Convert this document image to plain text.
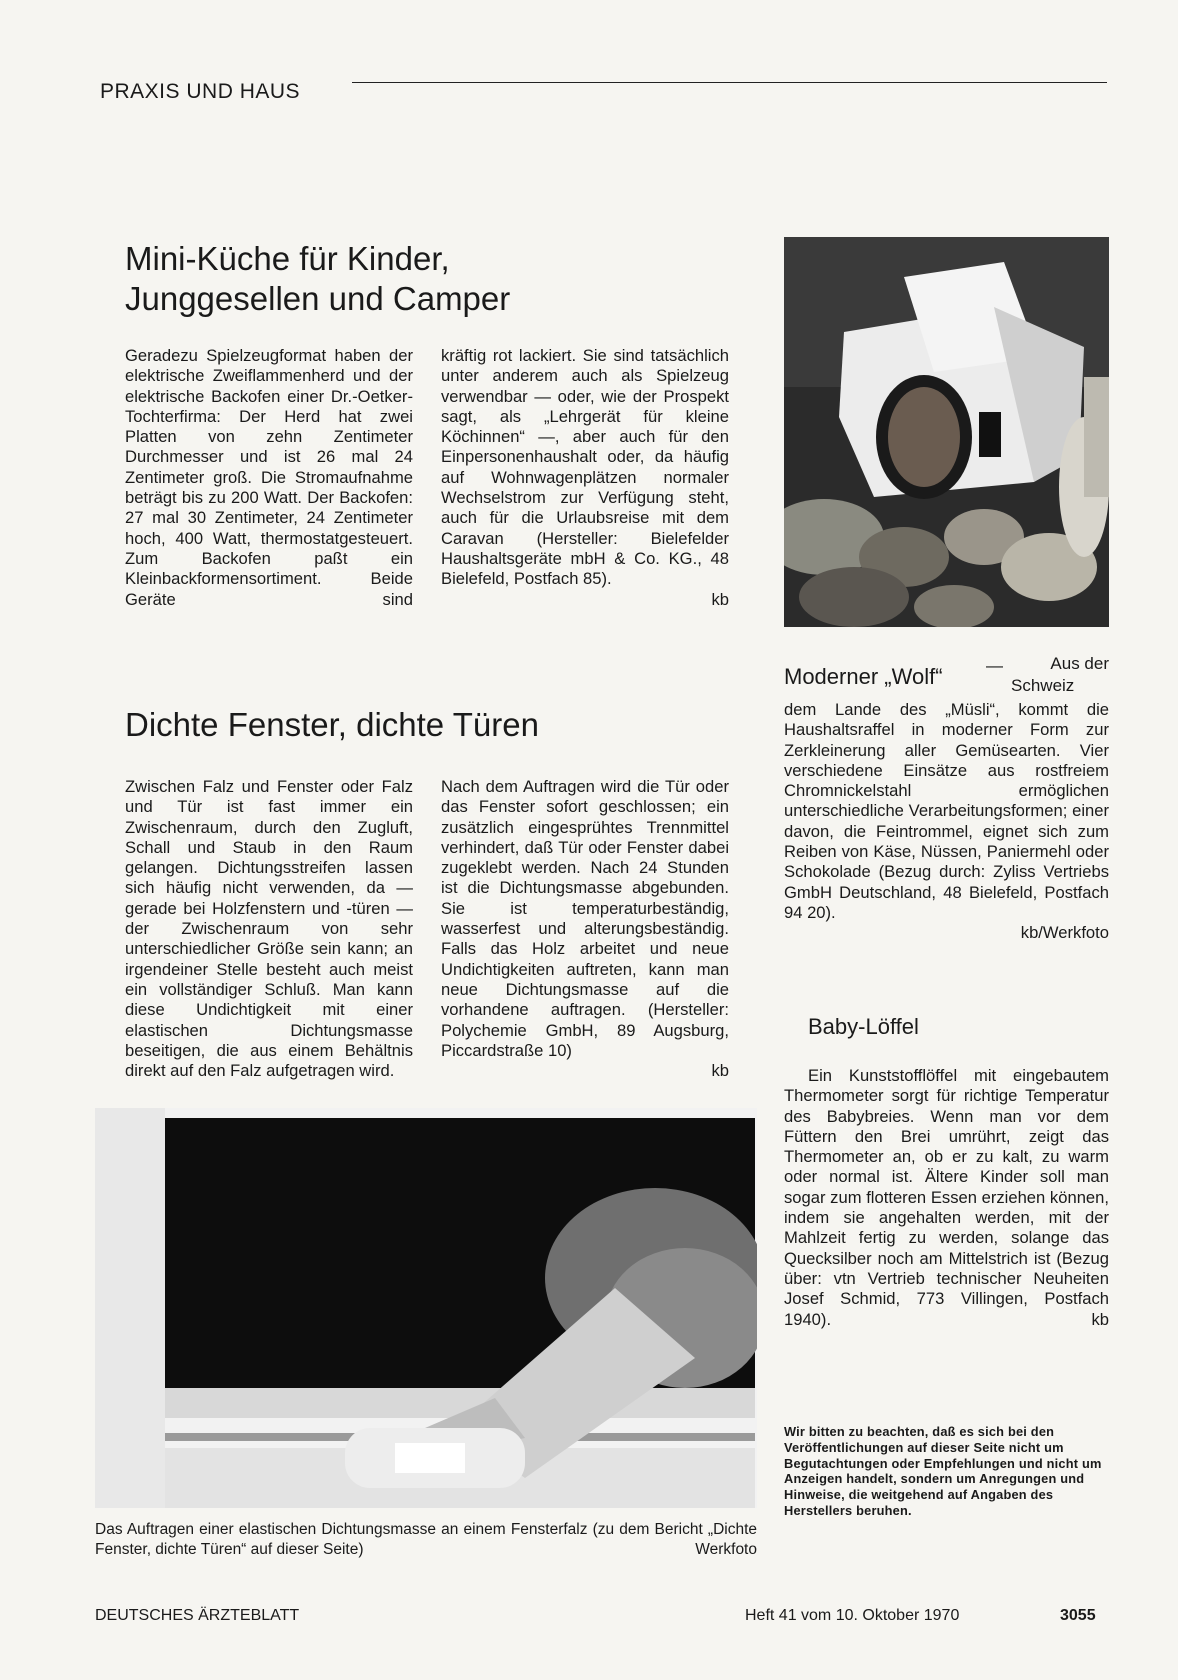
PRAXIS UND HAUS
Mini-Küche für Kinder,
Junggesellen und Camper

Geradezu Spielzeugformat haben der elektrische Zweiflammenherd und der elektrische Backofen einer Dr.-Oetker-Tochterfirma: Der Herd hat zwei Platten von zehn Zentimeter Durchmesser und ist 26 mal 24 Zentimeter groß. Die Stromaufnahme beträgt bis zu 200 Watt. Der Backofen: 27 mal 30 Zentimeter, 24 Zentimeter hoch, 400 Watt, thermostatgesteuert. Zum Backofen paßt ein Kleinbackformensortiment. Beide Geräte sind

kräftig rot lackiert. Sie sind tatsächlich unter anderem auch als Spielzeug verwendbar — oder, wie der Prospekt sagt, als „Lehrgerät für kleine Köchinnen“ —, aber auch für den Einpersonenhaushalt oder, da häufig auf Wohnwagenplätzen normaler Wechselstrom zur Verfügung steht, auch für die Urlaubsreise mit dem Caravan (Hersteller: Bielefelder Haushaltsgeräte mbH & Co. KG., 48 Bielefeld, Postfach 85).

kb
Moderner „Wolf“	—	Aus der
Schweiz

dem Lande des „Müsli“, kommt die Haushaltsraffel in moderner Form zur Zerkleinerung aller Gemüsearten. Vier verschiedene Einsätze aus rostfreiem Chromnickelstahl ermöglichen unterschiedliche Verarbeitungsformen; einer davon, die Feintrommel, eignet sich zum Reiben von Käse, Nüssen, Paniermehl oder Schokolade (Bezug durch: Zyliss Vertriebs GmbH Deutschland, 48 Bielefeld, Postfach 94 20).

kb/Werkfoto
Dichte Fenster, dichte Türen

Zwischen Falz und Fenster oder Falz und Tür ist fast immer ein Zwischenraum, durch den Zugluft, Schall und Staub in den Raum gelangen. Dichtungsstreifen lassen sich häufig nicht verwenden, da — gerade bei Holzfenstern und -türen — der Zwischenraum von sehr unterschiedlicher Größe sein kann; an irgendeiner Stelle besteht auch meist ein vollständiger Schluß. Man kann diese Undichtigkeit mit einer elastischen Dichtungsmasse beseitigen, die aus einem Behältnis direkt auf den Falz aufgetragen wird.

Nach dem Auftragen wird die Tür oder das Fenster sofort geschlossen; ein zusätzlich eingesprühtes Trennmittel verhindert, daß Tür oder Fenster dabei zugeklebt werden. Nach 24 Stunden ist die Dichtungsmasse abgebunden. Sie ist temperaturbeständig, wasserfest und alterungsbeständig. Falls das Holz arbeitet und neue Undichtigkeiten auftreten, kann man neue Dichtungsmasse auf die vorhandene auftragen. (Hersteller: Polychemie GmbH, 89 Augsburg, Piccardstraße 10)

kb
Das Auftragen einer elastischen Dichtungsmasse an einem Fensterfalz (zu dem Bericht „Dichte Fenster, dichte Türen“ auf dieser Seite)	Werkfoto
Baby-Löffel

Ein Kunststofflöffel mit eingebautem Thermometer sorgt für richtige Temperatur des Babybreies. Wenn man vor dem Füttern den Brei umrührt, zeigt das Thermometer an, ob er zu kalt, zu warm oder normal ist. Ältere Kinder soll man sogar zum flotteren Essen erziehen können, indem sie angehalten werden, mit der Mahlzeit fertig zu werden, solange das Quecksilber noch am Mittelstrich ist (Bezug über: vtn Vertrieb technischer Neuheiten Josef Schmid, 773 Villingen, Postfach 1940).	kb
Wir bitten zu beachten, daß es sich bei den Veröffentlichungen auf dieser Seite nicht um Begutachtungen oder Empfehlungen und nicht um Anzeigen handelt, sondern um Anregungen und Hinweise, die weitgehend auf Angaben des Herstellers beruhen.
DEUTSCHES ÄRZTEBLATT	Heft 41 vom 10. Oktober 1970	3055
